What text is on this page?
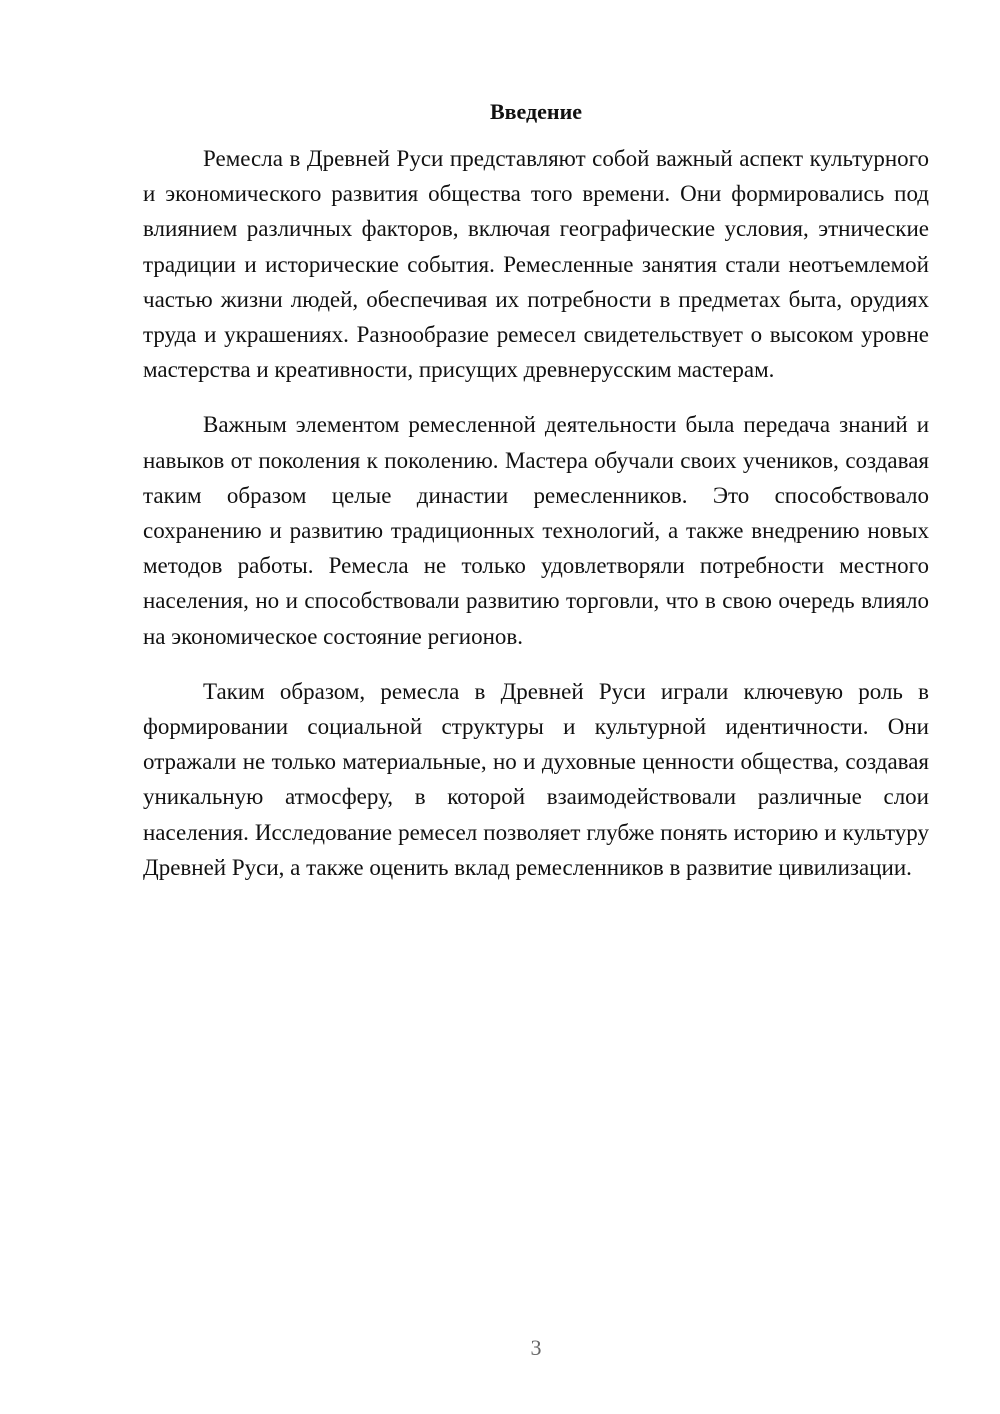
Введение

Ремесла в Древней Руси представляют собой важный аспект культурного и экономического развития общества того времени. Они формировались под влиянием различных факторов, включая географические условия, этнические традиции и исторические события. Ремесленные занятия стали неотъемлемой частью жизни людей, обеспечивая их потребности в предметах быта, орудиях труда и украшениях. Разнообразие ремесел свидетельствует о высоком уровне мастерства и креативности, присущих древнерусским мастерам.

Важным элементом ремесленной деятельности была передача знаний и навыков от поколения к поколению. Мастера обучали своих учеников, создавая таким образом целые династии ремесленников. Это способствовало сохранению и развитию традиционных технологий, а также внедрению новых методов работы. Ремесла не только удовлетворяли потребности местного населения, но и способствовали развитию торговли, что в свою очередь влияло на экономическое состояние регионов.

Таким образом, ремесла в Древней Руси играли ключевую роль в формировании социальной структуры и культурной идентичности. Они отражали не только материальные, но и духовные ценности общества, создавая уникальную атмосферу, в которой взаимодействовали различные слои населения. Исследование ремесел позволяет глубже понять историю и культуру Древней Руси, а также оценить вклад ремесленников в развитие цивилизации.

3
